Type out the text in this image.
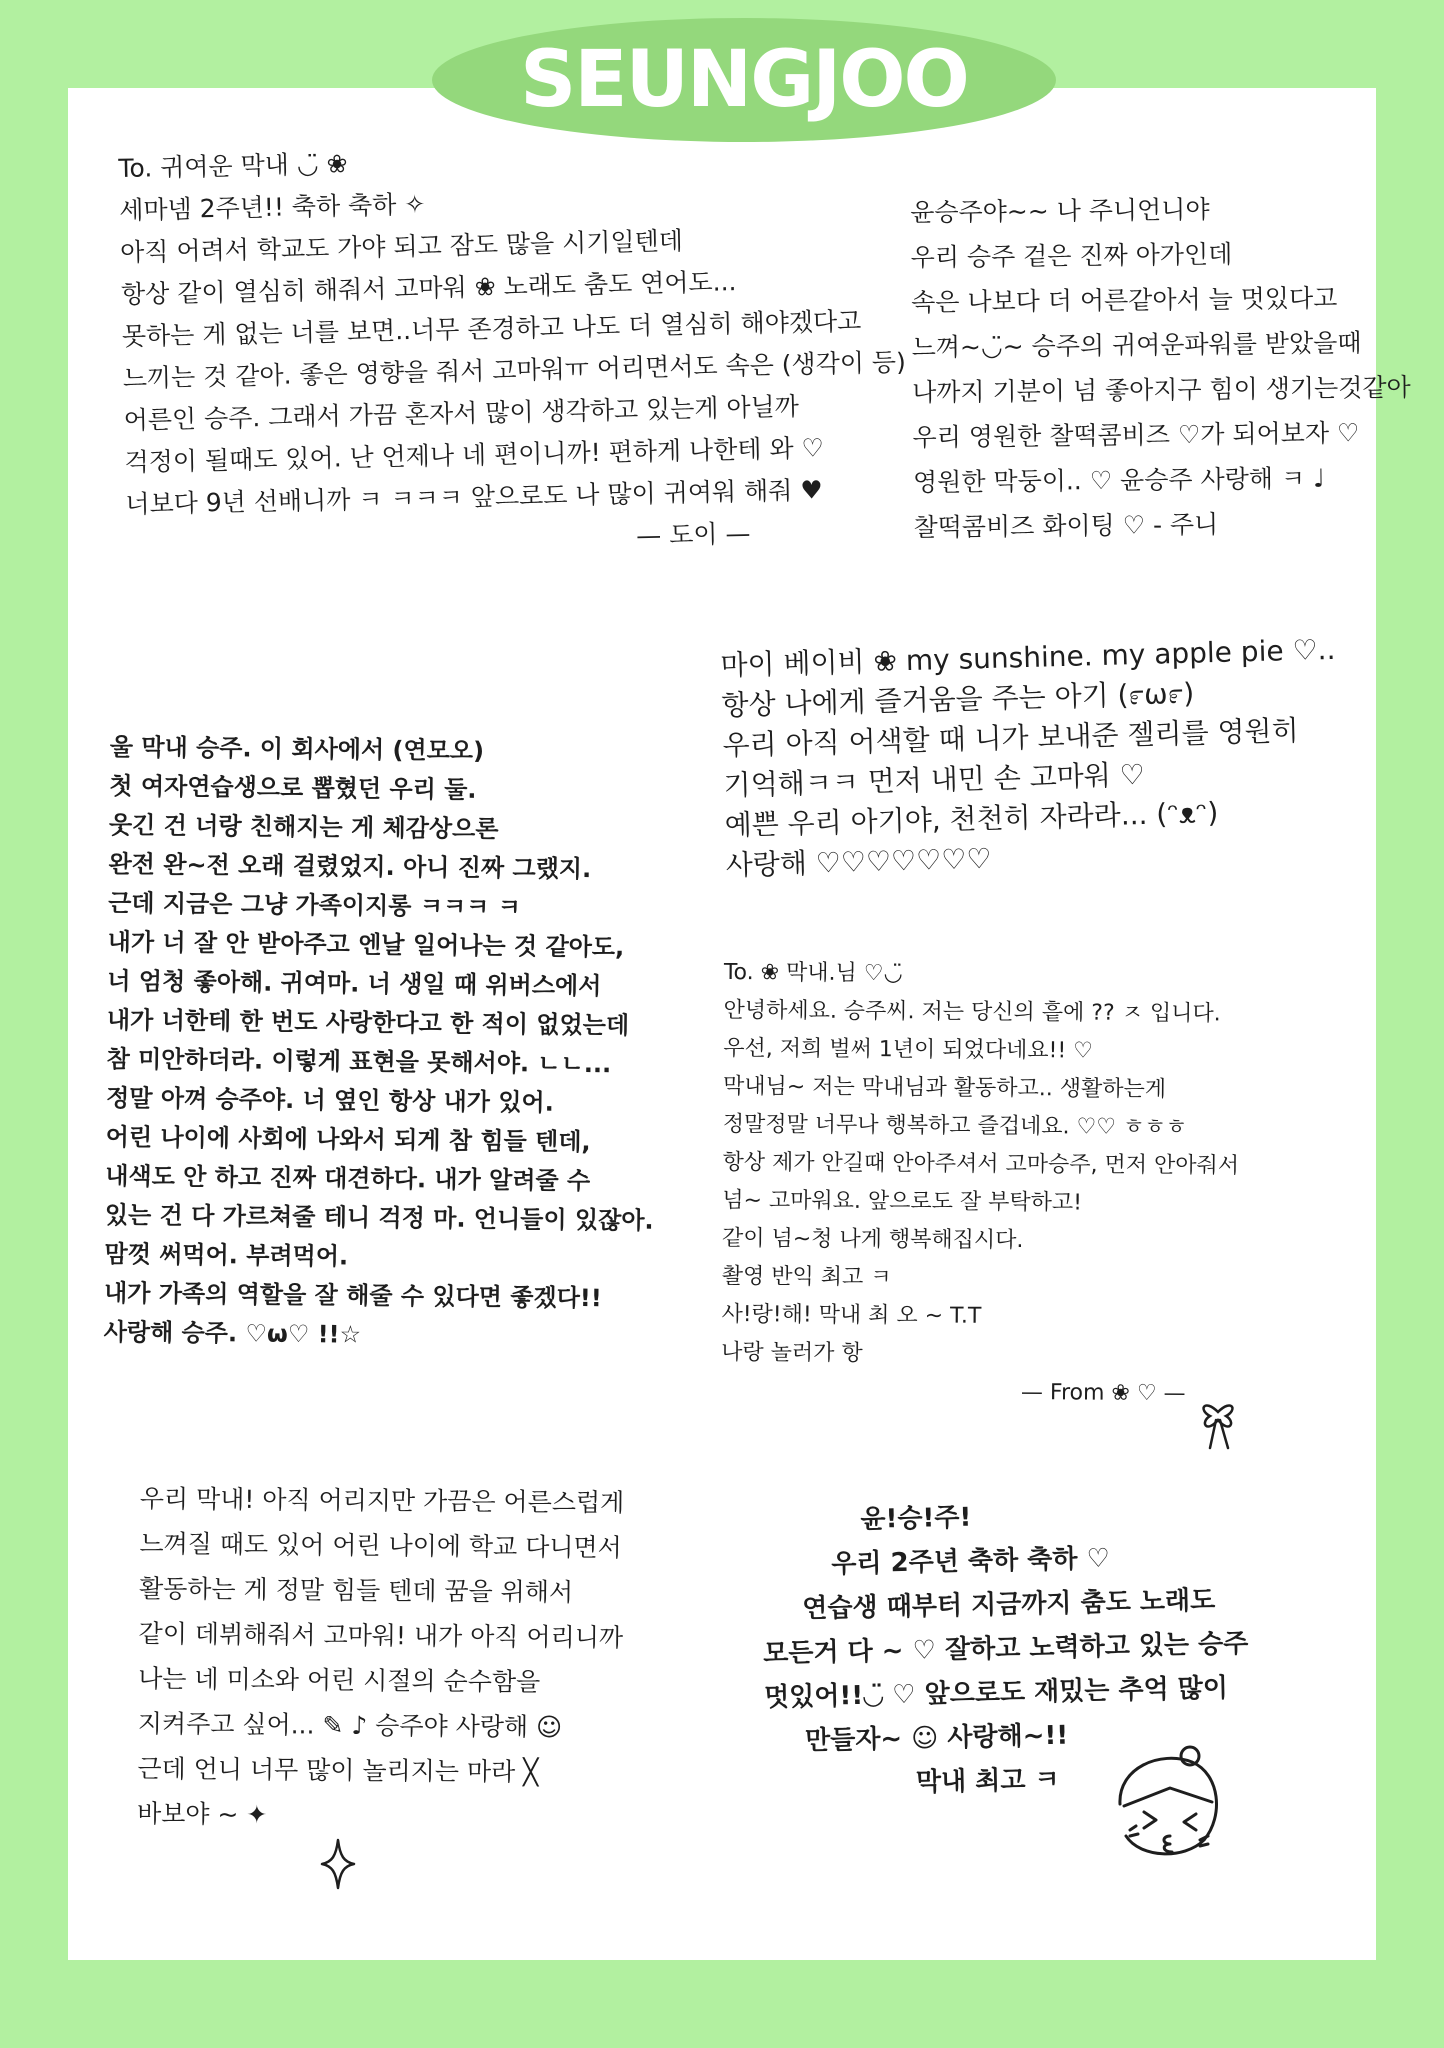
SEUNGJOO
To. 귀여운 막내 ◡̈ ❀
세마넴 2주년!! 축하 축하 ✧
아직 어려서 학교도 가야 되고 잠도 많을 시기일텐데
항상 같이 열심히 해줘서 고마워 ❀ 노래도 춤도 연어도...
못하는 게 없는 너를 보면..너무 존경하고 나도 더 열심히 해야겠다고
느끼는 것 같아. 좋은 영향을 줘서 고마워ㅠ 어리면서도 속은 (생각이 등)
어른인 승주. 그래서 가끔 혼자서 많이 생각하고 있는게 아닐까
걱정이 될때도 있어. 난 언제나 네 편이니까! 편하게 나한테 와 ♡
너보다 9년 선배니까 ㅋ ㅋㅋㅋ 앞으로도 나 많이 귀여워 해줘 ♥
— 도이 —
윤승주야~~ 나 주니언니야
우리 승주 겉은 진짜 아가인데
속은 나보다 더 어른같아서 늘 멋있다고
느껴~◡̈~ 승주의 귀여운파워를 받았을때
나까지 기분이 넘 좋아지구 힘이 생기는것같아
우리 영원한 찰떡콤비즈 ♡가 되어보자 ♡
영원한 막둥이.. ♡ 윤승주 사랑해 ㅋ ♩
찰떡콤비즈 화이팅 ♡ - 주니
마이 베이비 ❀ my sunshine. my apple pie ♡..
항상 나에게 즐거움을 주는 아기 (೯ω೯)
우리 아직 어색할 때 니가 보내준 젤리를 영원히
기억해ㅋㅋ 먼저 내민 손 고마워 ♡
예쁜 우리 아기야, 천천히 자라라... (ᵔᴥᵔ)
사랑해 ♡♡♡♡♡♡♡
울 막내 승주. 이 회사에서 (연모오)
첫 여자연습생으로 뽑혔던 우리 둘.
웃긴 건 너랑 친해지는 게 체감상으론
완전 완~전 오래 걸렸었지. 아니 진짜 그랬지.
근데 지금은 그냥 가족이지롱 ㅋㅋㅋ ㅋ
내가 너 잘 안 받아주고 엔날 일어나는 것 같아도,
너 엄청 좋아해. 귀여마. 너 생일 때 위버스에서
내가 너한테 한 번도 사랑한다고 한 적이 없었는데
참 미안하더라. 이렇게 표현을 못해서야. ㄴㄴ...
정말 아껴 승주야. 너 옆인 항상 내가 있어.
어린 나이에 사회에 나와서 되게 참 힘들 텐데,
내색도 안 하고 진짜 대견하다. 내가 알려줄 수
있는 건 다 가르쳐줄 테니 걱정 마. 언니들이 있잖아.
맘껏 써먹어. 부려먹어.
내가 가족의 역할을 잘 해줄 수 있다면 좋겠다!!
사랑해 승주. ♡ω♡ !!☆
To. ❀ 막내.님 ♡◡̈
안녕하세요. 승주씨. 저는 당신의 흩에 ?? ㅈ 입니다.
우선, 저희 벌써 1년이 되었다네요!! ♡
막내님~ 저는 막내님과 활동하고.. 생활하는게
정말정말 너무나 행복하고 즐겁네요. ♡♡ ㅎㅎㅎ
항상 제가 안길때 안아주셔서 고마승주, 먼저 안아줘서
넘~ 고마워요. 앞으로도 잘 부탁하고!
같이 넘~청 나게 행복해집시다.
촬영 반익 최고 ㅋ
사!랑!해! 막내 최 오 ~ T.T
나랑 놀러가 항
— From ❀ ♡ —
우리 막내! 아직 어리지만 가끔은 어른스럽게
느껴질 때도 있어 어린 나이에 학교 다니면서
활동하는 게 정말 힘들 텐데 꿈을 위해서
같이 데뷔해줘서 고마워! 내가 아직 어리니까
나는 네 미소와 어린 시절의 순수함을
지켜주고 싶어... ✎ ♪ 승주야 사랑해 ☺
근데 언니 너무 많이 놀리지는 마라 ╳
바보야 ~ ✦
윤!승!주!
우리 2주년 축하 축하 ♡
연습생 때부터 지금까지 춤도 노래도
모든거 다 ~ ♡ 잘하고 노력하고 있는 승주
멋있어!!◡̈ ♡ 앞으로도 재밌는 추억 많이
만들자~ ☺ 사랑해~!!
막내 최고 ㅋ
